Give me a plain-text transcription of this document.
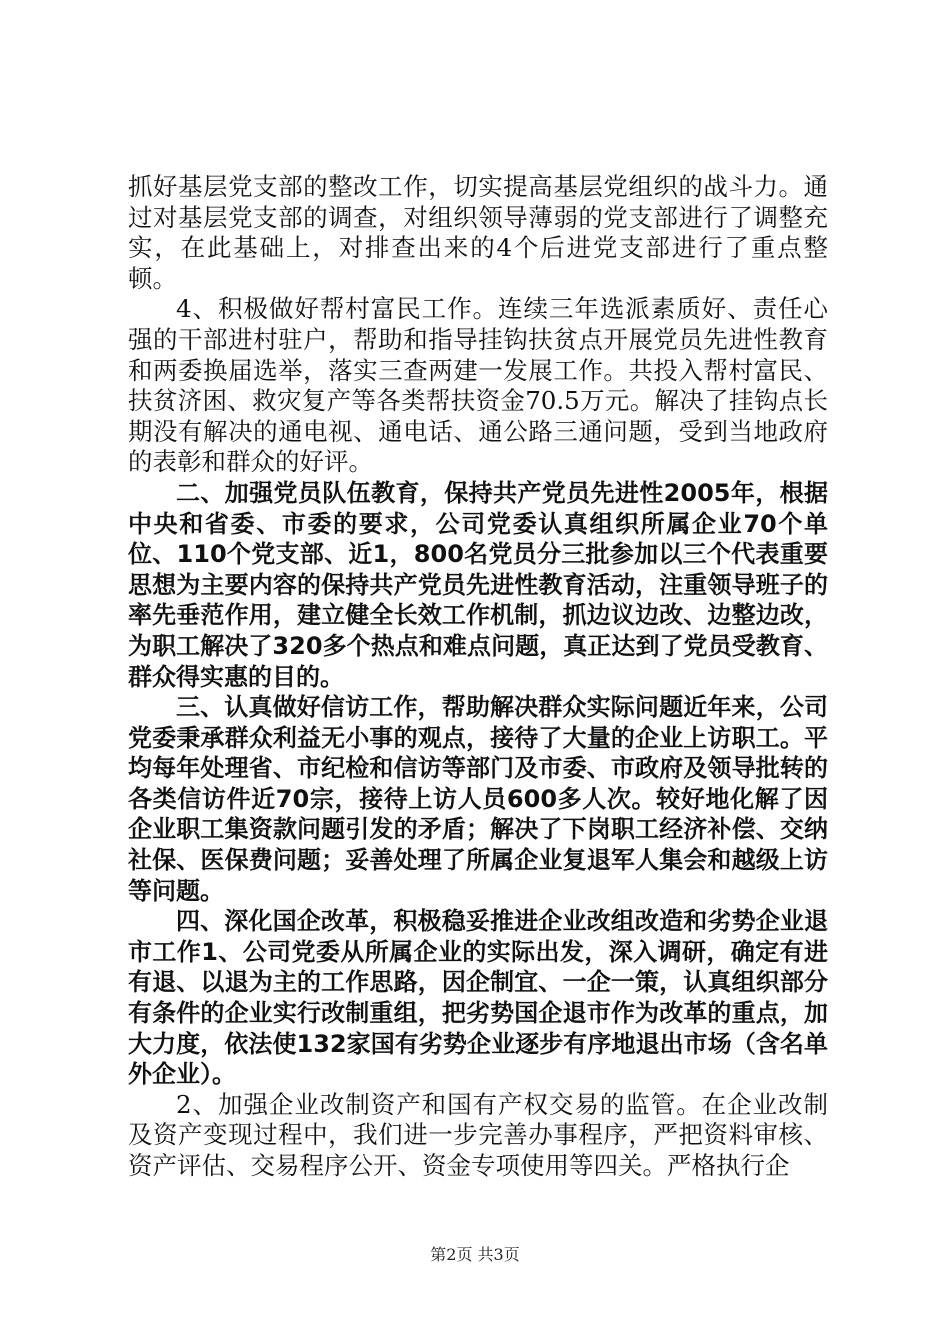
抓好基层党支部的整改工作，切实提高基层党组织的战斗力。通过对基层党支部的调查，对组织领导薄弱的党支部进行了调整充实，在此基础上，对排查出来的4个后进党支部进行了重点整顿。

4、积极做好帮村富民工作。连续三年选派素质好、责任心强的干部进村驻户，帮助和指导挂钩扶贫点开展党员先进性教育和两委换届选举，落实三查两建一发展工作。共投入帮村富民、扶贫济困、救灾复产等各类帮扶资金70.5万元。解决了挂钩点长期没有解决的通电视、通电话、通公路三通问题，受到当地政府的表彰和群众的好评。

二、加强党员队伍教育，保持共产党员先进性2005年，根据中央和省委、市委的要求，公司党委认真组织所属企业70个单位、110个党支部、近1，800名党员分三批参加以三个代表重要思想为主要内容的保持共产党员先进性教育活动，注重领导班子的率先垂范作用，建立健全长效工作机制，抓边议边改、边整边改，为职工解决了320多个热点和难点问题，真正达到了党员受教育、群众得实惠的目的。

三、认真做好信访工作，帮助解决群众实际问题近年来，公司党委秉承群众利益无小事的观点，接待了大量的企业上访职工。平均每年处理省、市纪检和信访等部门及市委、市政府及领导批转的各类信访件近70宗，接待上访人员600多人次。较好地化解了因企业职工集资款问题引发的矛盾；解决了下岗职工经济补偿、交纳社保、医保费问题；妥善处理了所属企业复退军人集会和越级上访等问题。

四、深化国企改革，积极稳妥推进企业改组改造和劣势企业退市工作1、公司党委从所属企业的实际出发，深入调研，确定有进有退、以退为主的工作思路，因企制宜、一企一策，认真组织部分有条件的企业实行改制重组，把劣势国企退市作为改革的重点，加大力度，依法使132家国有劣势企业逐步有序地退出市场（含名单外企业）。

2、加强企业改制资产和国有产权交易的监管。在企业改制及资产变现过程中，我们进一步完善办事程序，严把资料审核、资产评估、交易程序公开、资金专项使用等四关。严格执行企

第2页 共3页
